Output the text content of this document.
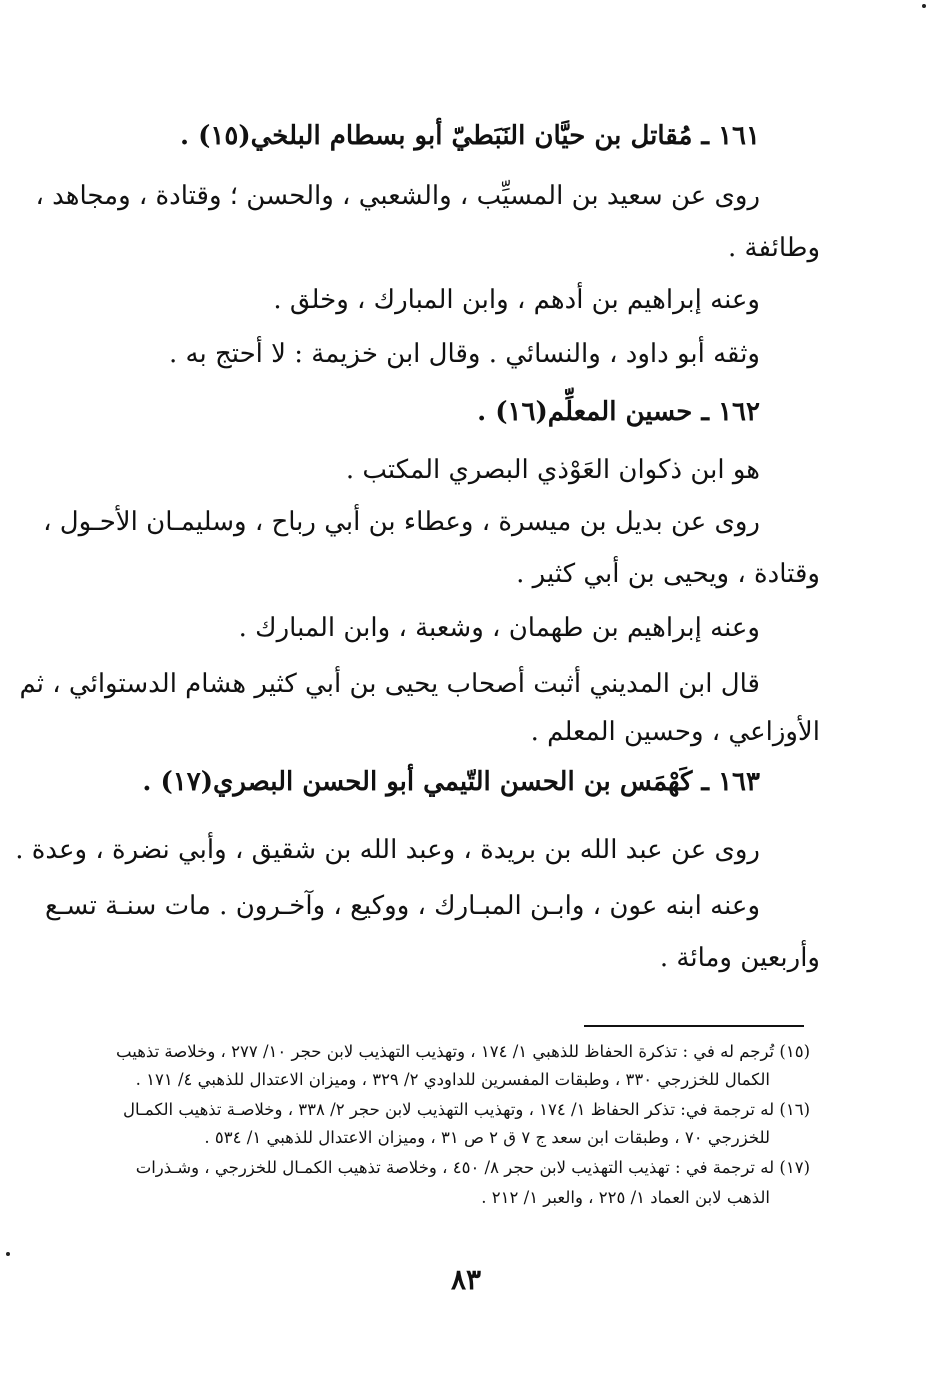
١٦١ ـ مُقاتل بن حيَّان النَبَطيّ أبو بسطام البلخي(١٥) .
روى عن سعيد بن المسيِّب ، والشعبي ، والحسن ؛ وقتادة ، ومجاهد ،
وطائفة .
وعنه إبراهيم بن أدهم ، وابن المبارك ، وخلق .
وثقه أبو داود ، والنسائي . وقال ابن خزيمة : لا أحتج به .
١٦٢ ـ حسين المعلِّم(١٦) .
هو ابن ذكوان العَوْذي البصري المكتب .
روى عن بديل بن ميسرة ، وعطاء بن أبي رباح ، وسليمـان الأحـول ،
وقتادة ، ويحيى بن أبي كثير .
وعنه إبراهيم بن طهمان ، وشعبة ، وابن المبارك .
قال ابن المديني أثبت أصحاب يحيى بن أبي كثير هشام الدستوائي ، ثم
الأوزاعي ، وحسين المعلم .
١٦٣ ـ كَهْمَس بن الحسن التّيمي أبو الحسن البصري(١٧) .
روى عن عبد الله بن بريدة ، وعبد الله بن شقيق ، وأبي نضرة ، وعدة .
وعنه ابنه عون ، وابـن المبـارك ، ووكيع ، وآخـرون . مات سنـة تسـع
وأربعين ومائة .
(١٥) تُرجم له في : تذكرة الحفاظ للذهبي ١/ ١٧٤ ، وتهذيب التهذيب لابن حجر ١٠/ ٢٧٧ ، وخلاصة تذهيب
الكمال للخزرجي ٣٣٠ ، وطبقات المفسرين للداودي ٢/ ٣٢٩ ، وميزان الاعتدال للذهبي ٤/ ١٧١ .
(١٦) له ترجمة في: تذكر الحفاظ ١/ ١٧٤ ، وتهذيب التهذيب لابن حجر ٢/ ٣٣٨ ، وخلاصـة تذهيب الكمـال
للخزرجي ٧٠ ، وطبقات ابن سعد ج ٧ ق ٢ ص ٣١ ، وميزان الاعتدال للذهبي ١/ ٥٣٤ .
(١٧) له ترجمة في : تهذيب التهذيب لابن حجر ٨/ ٤٥٠ ، وخلاصة تذهيب الكمـال للخزرجي ، وشـذرات
الذهب لابن العماد ١/ ٢٢٥ ، والعبر ١/ ٢١٢ .
٨٣
